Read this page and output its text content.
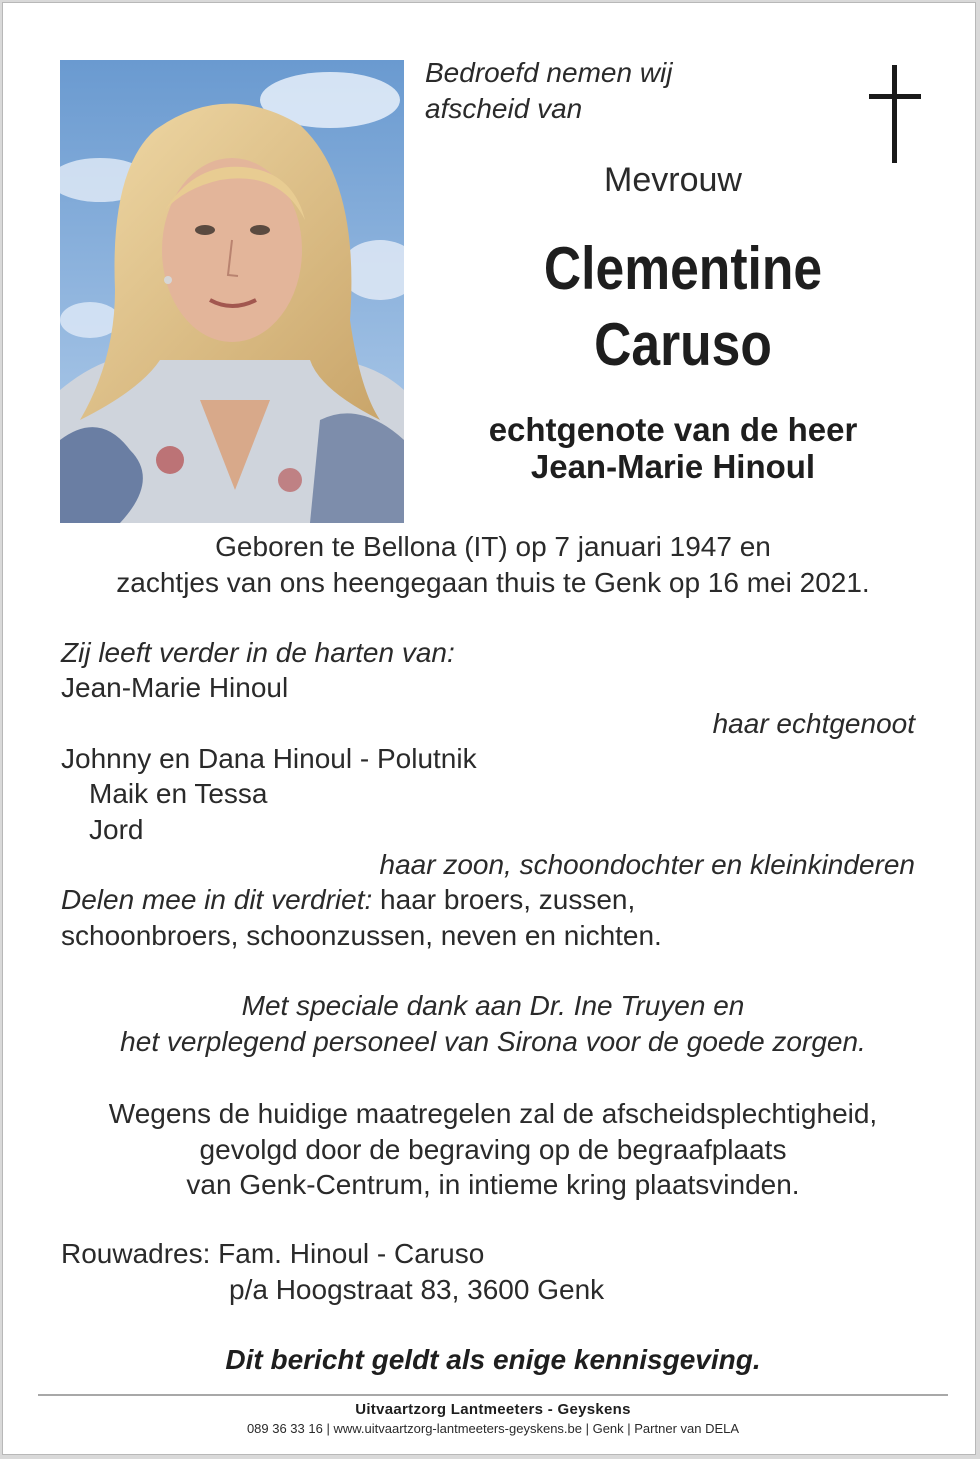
Bedroefd nemen wij
afscheid van
Mevrouw
Clementine
Caruso
echtgenote van de heer
Jean-Marie Hinoul
Geboren te Bellona (IT) op 7 januari 1947 en
zachtjes van ons heengegaan thuis te Genk op 16 mei 2021.
Zij leeft verder in de harten van:
Jean-Marie Hinoul
haar echtgenoot
Johnny en Dana Hinoul - Polutnik
Maik en Tessa
Jord
haar zoon, schoondochter en kleinkinderen
Delen mee in dit verdriet: haar broers, zussen,
schoonbroers, schoonzussen, neven en nichten.
Met speciale dank aan Dr. Ine Truyen en
het verplegend personeel van Sirona voor de goede zorgen.
Wegens de huidige maatregelen zal de afscheidsplechtigheid,
gevolgd door de begraving op de begraafplaats
van Genk-Centrum, in intieme kring plaatsvinden.
Rouwadres: Fam. Hinoul - Caruso
p/a Hoogstraat 83, 3600 Genk
Dit bericht geldt als enige kennisgeving.
Uitvaartzorg Lantmeeters - Geyskens
089 36 33 16 | www.uitvaartzorg-lantmeeters-geyskens.be | Genk | Partner van DELA
